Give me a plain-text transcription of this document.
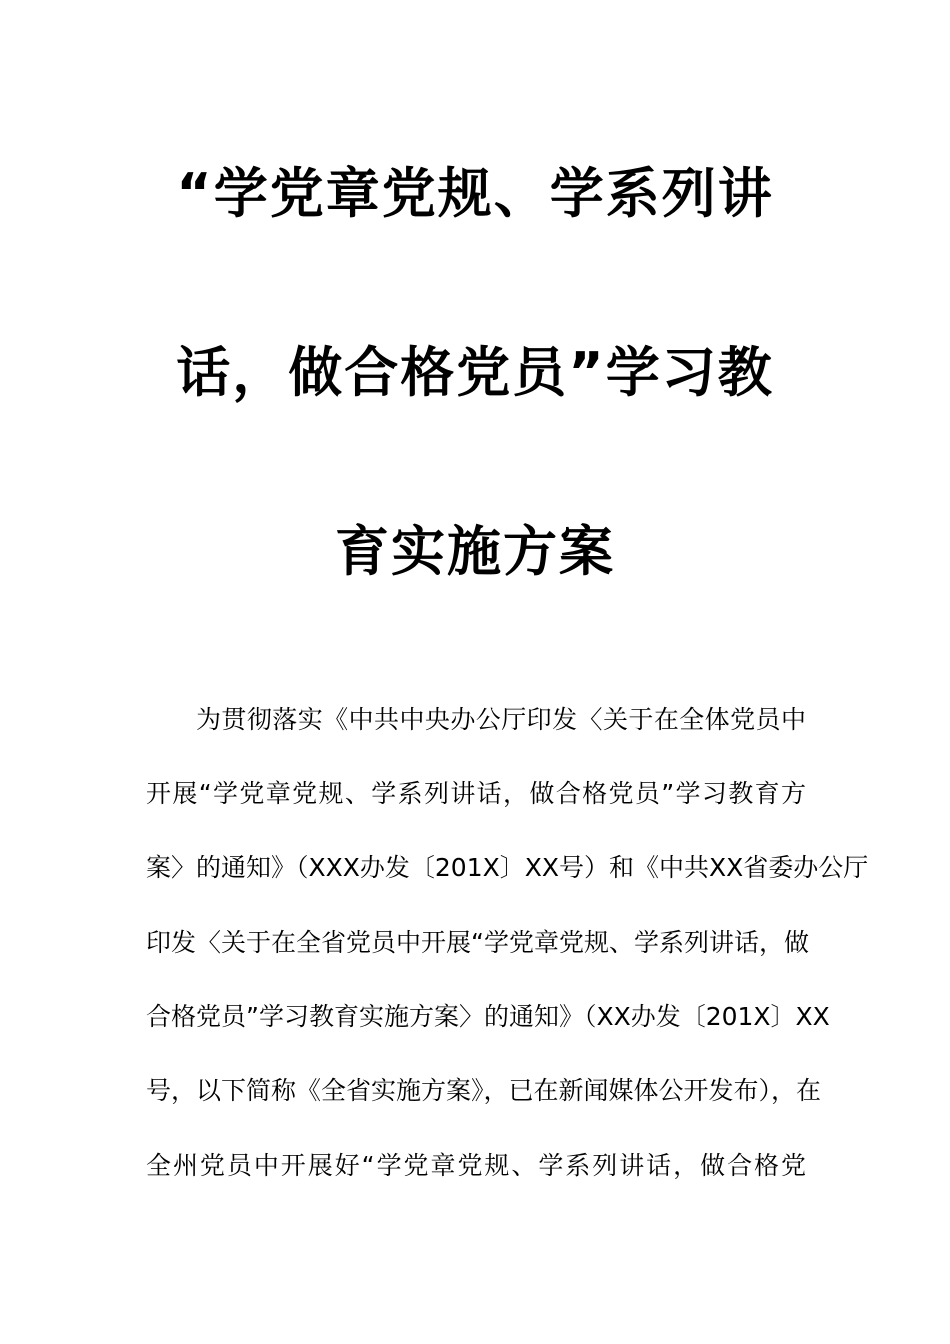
“学党章党规、学系列讲
话，做合格党员”学习教
育实施方案
为贯彻落实《中共中央办公厅印发〈关于在全体党员中
开展“学党章党规、学系列讲话，做合格党员”学习教育方
案〉的通知》（XXX办发〔201X〕XX号）和《中共XX省委办公厅
印发〈关于在全省党员中开展“学党章党规、学系列讲话，做
合格党员”学习教育实施方案〉的通知》（XX办发〔201X〕XX
号，以下简称《全省实施方案》，已在新闻媒体公开发布），在
全州党员中开展好“学党章党规、学系列讲话，做合格党
